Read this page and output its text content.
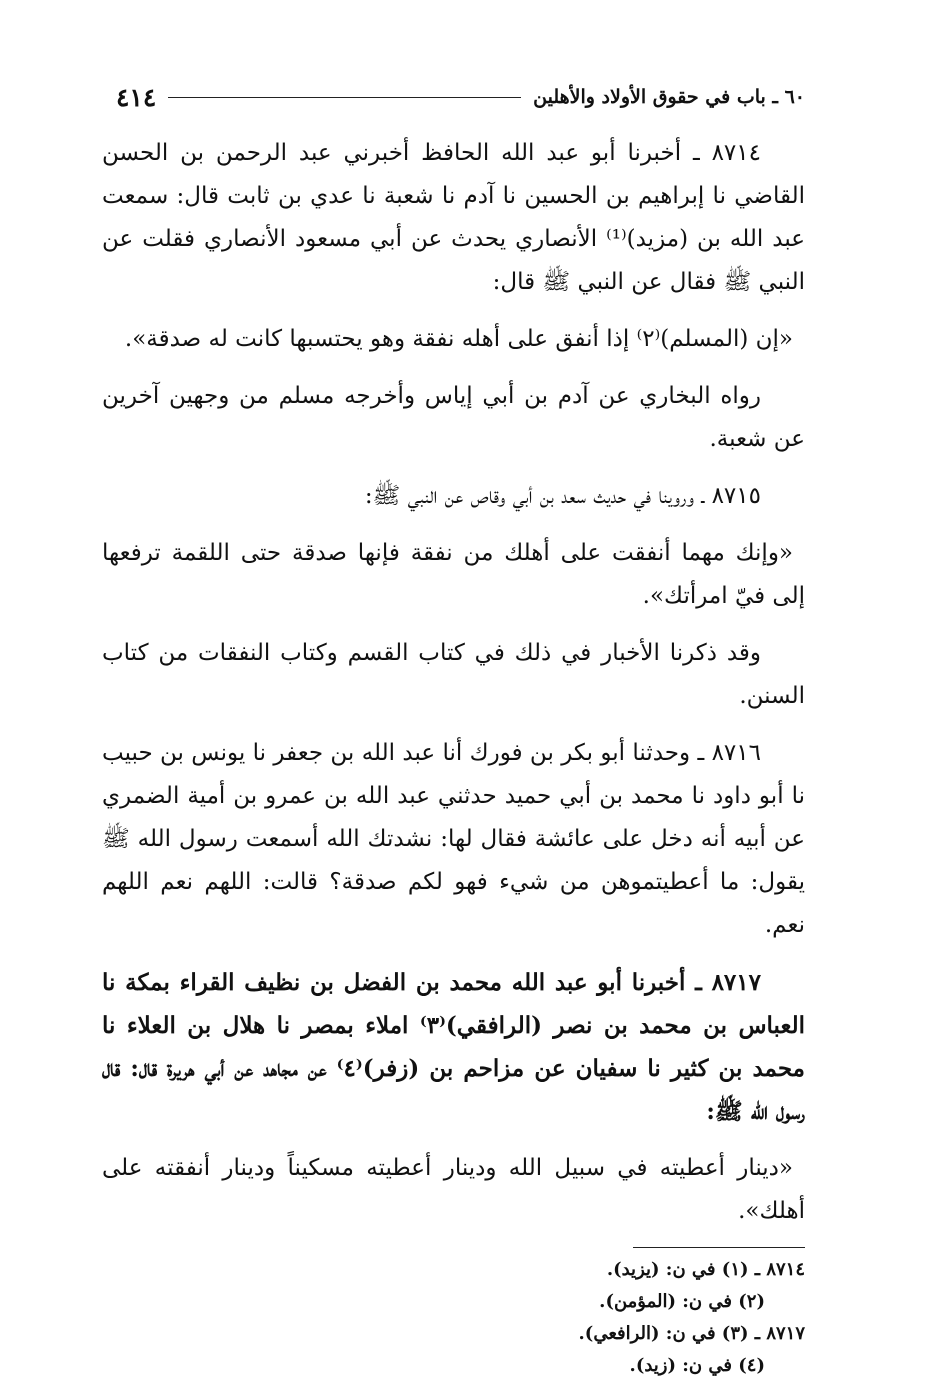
٤١٤	٦٠ ـ باب في حقوق الأولاد والأهلين

٨٧١٤ ـ أخبرنا أبو عبد الله الحافظ أخبرني عبد الرحمن بن الحسن القاضي نا إبراهيم بن الحسين نا آدم نا شعبة نا عدي بن ثابت قال: سمعت عبد الله بن (مزيد)⁽¹⁾ الأنصاري يحدث عن أبي مسعود الأنصاري فقلت عن النبي ﷺ فقال عن النبي ﷺ قال:

«إن (المسلم)⁽٢⁾ إذا أنفق على أهله نفقة وهو يحتسبها كانت له صدقة».

رواه البخاري عن آدم بن أبي إياس وأخرجه مسلم من وجهين آخرين عن شعبة.

٨٧١٥ ـ وروينا في حديث سعد بن أبي وقاص عن النبي ﷺ:

«وإنك مهما أنفقت على أهلك من نفقة فإنها صدقة حتى اللقمة ترفعها إلى فيّ امرأتك».

وقد ذكرنا الأخبار في ذلك في كتاب القسم وكتاب النفقات من كتاب السنن.

٨٧١٦ ـ وحدثنا أبو بكر بن فورك أنا عبد الله بن جعفر نا يونس بن حبيب نا أبو داود نا محمد بن أبي حميد حدثني عبد الله بن عمرو بن أمية الضمري عن أبيه أنه دخل على عائشة فقال لها: نشدتك الله أسمعت رسول الله ﷺ يقول: ما أعطيتموهن من شيء فهو لكم صدقة؟ قالت: اللهم نعم اللهم نعم.

٨٧١٧ ـ أخبرنا أبو عبد الله محمد بن الفضل بن نظيف القراء بمكة نا العباس بن محمد بن نصر (الرافقي)⁽٣⁾ املاء بمصر نا هلال بن العلاء نا محمد بن كثير نا سفيان عن مزاحم بن (زفر)⁽٤⁾ عن مجاهد عن أبي هريرة قال: قال رسول الله ﷺ:

«دينار أعطيته في سبيل الله ودينار أعطيته مسكيناً ودينار أنفقته على أهلك».

٨٧١٤ ـ (١) في ن: (يزيد).

(٢) في ن: (المؤمن).

٨٧١٧ ـ (٣) في ن: (الرافعي).

(٤) في ن: (زيد).
